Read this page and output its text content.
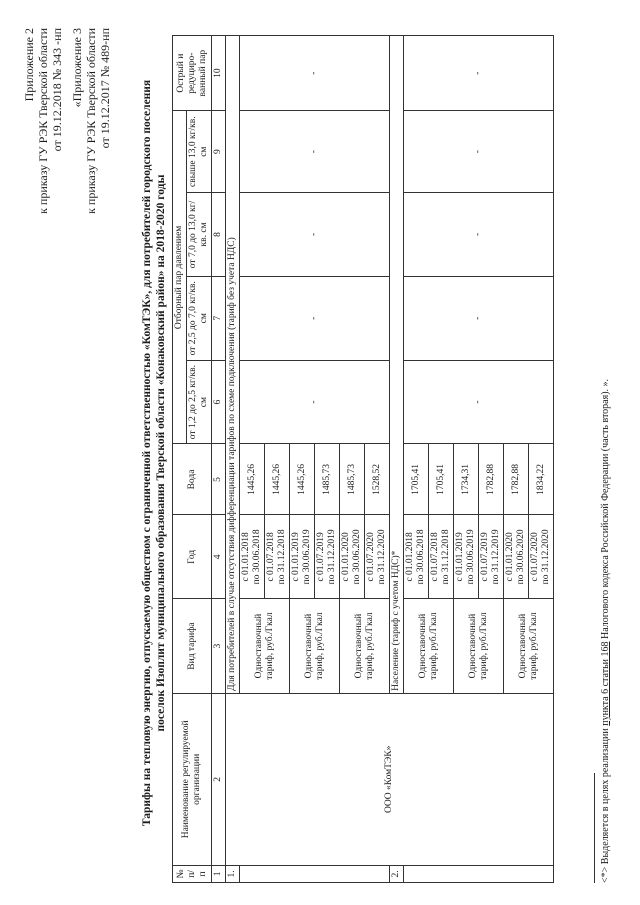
Приложение 2 к приказу ГУ РЭК Тверской области от 19.12.2018 № 343 -нп «Приложение 3 к приказу ГУ РЭК Тверской области от 19.12.2017 № 489-нп	Тарифы на тепловую энергию, отпускаемую обществом с ограниченной ответственностью «КомТЭК», для потребителей городского поселения поселок Изоплит муниципального образования Тверской области «Конаковский район» на 2018-2020 годы
№ п/ п	Наименование регулируемой организации	Вид тарифа	Год	Вода	Отборный пар давлением				Острый и редуциро-ванный пар
					от 1,2 до 2,5 кг/кв. см	от 2,5 до 7,0 кг/кв. см	от 7,0 до 13,0 кг/кв. см	свыше 13,0 кг/кв. см	
1	2	3	4	5	6	7	8	9	10
1.	ООО «КомТЭК»	Для потребителей в случае отсутствия дифференциации тарифов по схеме подключения (тариф без учета НДС)							
		Одноставочный тариф, руб./Гкал	с 01.01.2018 по 30.06.2018	1445,26	-	-	-	-	-

			с 01.07.2018 по 31.12.2018	1445,26					
		Одноставочный тариф, руб./Гкал	с 01.01.2019 по 30.06.2019	1445,26					

			с 01.07.2019 по 31.12.2019	1485,73					
		Одноставочный тариф, руб./Гкал	с 01.01.2020 по 30.06.2020	1485,73					

			с 01.07.2020 по 31.12.2020	1528,52					
2.		Население (тариф с учетом НДС)*							
		Одноставочный тариф, руб./Гкал	с 01.01.2018 по 30.06.2018	1705,41	-	-	-	-	-

			с 01.07.2018 по 31.12.2018	1705,41					
		Одноставочный тариф, руб./Гкал	с 01.01.2019 по 30.06.2019	1734,31					

			с 01.07.2019 по 31.12.2019	1782,88					
		Одноставочный тариф, руб./Гкал	с 01.01.2020 по 30.06.2020	1782,88					

			с 01.07.2020 по 31.12.2020	1834,22					
<*> Выделяется в целях реализации пункта 6 статьи 168 Налогового кодекса Российской Федерации (часть вторая). ».
